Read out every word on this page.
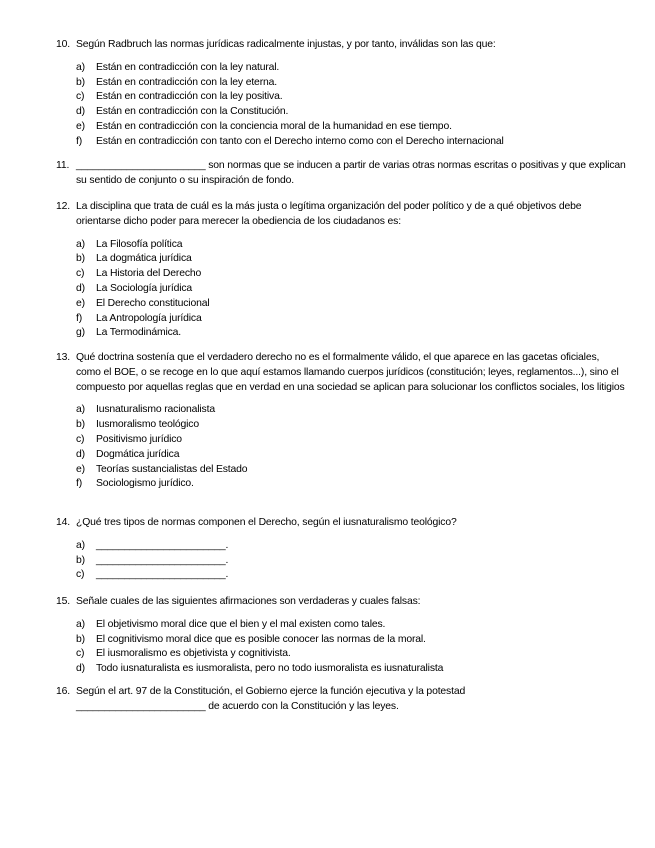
10. Según Radbruch las normas jurídicas radicalmente injustas, y por tanto, inválidas son las que:
a)	Están en contradicción con la ley natural.
b)	Están en contradicción con la ley eterna.
c)	Están en contradicción con la ley positiva.
d)	Están en contradicción con la Constitución.
e)	Están en contradicción con la conciencia moral de la humanidad en ese tiempo.
f)	Están en contradicción con tanto con el Derecho interno como con el Derecho internacional
11. _______________________ son normas que se inducen a partir de varias otras normas escritas o positivas y que explican su sentido de conjunto o su inspiración de fondo.
12. La disciplina que trata de cuál es la más justa o legítima organización del poder político y de a qué objetivos debe orientarse dicho poder para merecer la obediencia de los ciudadanos es:
a)	La Filosofía política
b)	La dogmática jurídica
c)	La Historia del Derecho
d)	La Sociología jurídica
e)	El Derecho constitucional
f)	La Antropología jurídica
g)	La Termodinámica.
13. Qué doctrina sostenía que el verdadero derecho no es el formalmente válido, el que aparece en las gacetas oficiales, como el BOE, o se recoge en lo que aquí estamos llamando cuerpos jurídicos (constitución; leyes, reglamentos...), sino el compuesto por aquellas reglas que en verdad en una sociedad se aplican para solucionar los conflictos sociales, los litigios
a)	Iusnaturalismo racionalista
b)	Iusmoralismo teológico
c)	Positivismo jurídico
d)	Dogmática jurídica
e)	Teorías sustancialistas del Estado
f)	Sociologismo jurídico.
14. ¿Qué tres tipos de normas componen el Derecho, según el iusnaturalismo teológico?
a)	_______________________.
b)	_______________________.
c)	_______________________.
15. Señale cuales de las siguientes afirmaciones son verdaderas y cuales falsas:
a)	El objetivismo moral dice que el bien y el mal existen como tales.
b)	El cognitivismo moral dice que es posible conocer las normas de la moral.
c)	El iusmoralismo es objetivista y cognitivista.
d)	Todo iusnaturalista es iusmoralista, pero no todo iusmoralista es iusnaturalista
16. Según el art. 97 de la Constitución, el Gobierno ejerce la función ejecutiva y la potestad
_______________________ de acuerdo con la Constitución y las leyes.
